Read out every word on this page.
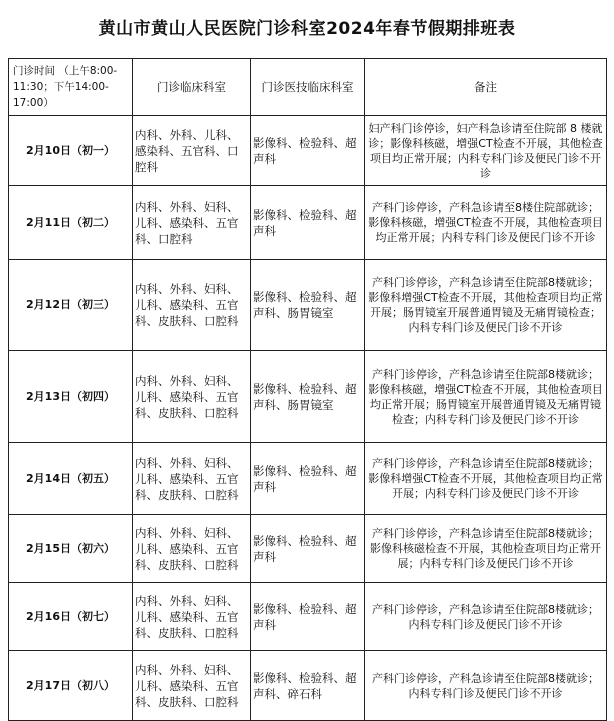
黄山市黄山人民医院门诊科室2024年春节假期排班表
门诊时间 （上午8:00-11:30；下午14:00-17:00）	门诊临床科室	门诊医技临床科室	备注
2月10日（初一）	内科、外科、儿科、感染科、五官科、口腔科	影像科、检验科、超声科	妇产科门诊停诊，妇产科急诊请至住院部 8 楼就诊；影像科核磁，增强CT检查不开展，其他检查项目均正常开展；内科专科门诊及便民门诊不开诊
2月11日（初二）	内科、外科、妇科、儿科、感染科、五官科、口腔科	影像科、检验科、超声科	产科门诊停诊，产科急诊请至8楼住院部就诊；影像科核磁，增强CT检查不开展，其他检查项目均正常开展；内科专科门诊及便民门诊不开诊
2月12日（初三）	内科、外科、妇科、儿科、感染科、五官科、皮肤科、口腔科	影像科、检验科、超声科、肠胃镜室	产科门诊停诊，产科急诊请至住院部8楼就诊；影像科增强CT检查不开展，其他检查项目均正常开展；肠胃镜室开展普通胃镜及无痛胃镜检查；内科专科门诊及便民门诊不开诊
2月13日（初四）	内科、外科、妇科、儿科、感染科、五官科、皮肤科、口腔科	影像科、检验科、超声科、肠胃镜室	产科门诊停诊，产科急诊请至住院部8楼就诊；影像科核磁，增强CT检查不开展，其他检查项目均正常开展；肠胃镜室开展普通胃镜及无痛胃镜检查；内科专科门诊及便民门诊不开诊
2月14日（初五）	内科、外科、妇科、儿科、感染科、五官科、皮肤科、口腔科	影像科、检验科、超声科	产科门诊停诊，产科急诊请至住院部8楼就诊；影像科增强CT检查不开展，其他检查项目均正常开展；内科专科门诊及便民门诊不开诊
2月15日（初六）	内科、外科、妇科、儿科、感染科、五官科、皮肤科、口腔科	影像科、检验科、超声科	产科门诊停诊，产科急诊请至住院部8楼就诊；影像科核磁检查不开展，其他检查项目均正常开展；内科专科门诊及便民门诊不开诊
2月16日（初七）	内科、外科、妇科、儿科、感染科、五官科、皮肤科、口腔科	影像科、检验科、超声科	产科门诊停诊，产科急诊请至住院部8楼就诊；内科专科门诊及便民门诊不开诊
2月17日（初八）	内科、外科、妇科、儿科、感染科、五官科、皮肤科、口腔科	影像科、检验科、超声科、碎石科	产科门诊停诊，产科急诊请至住院部8楼就诊；内科专科门诊及便民门诊不开诊
